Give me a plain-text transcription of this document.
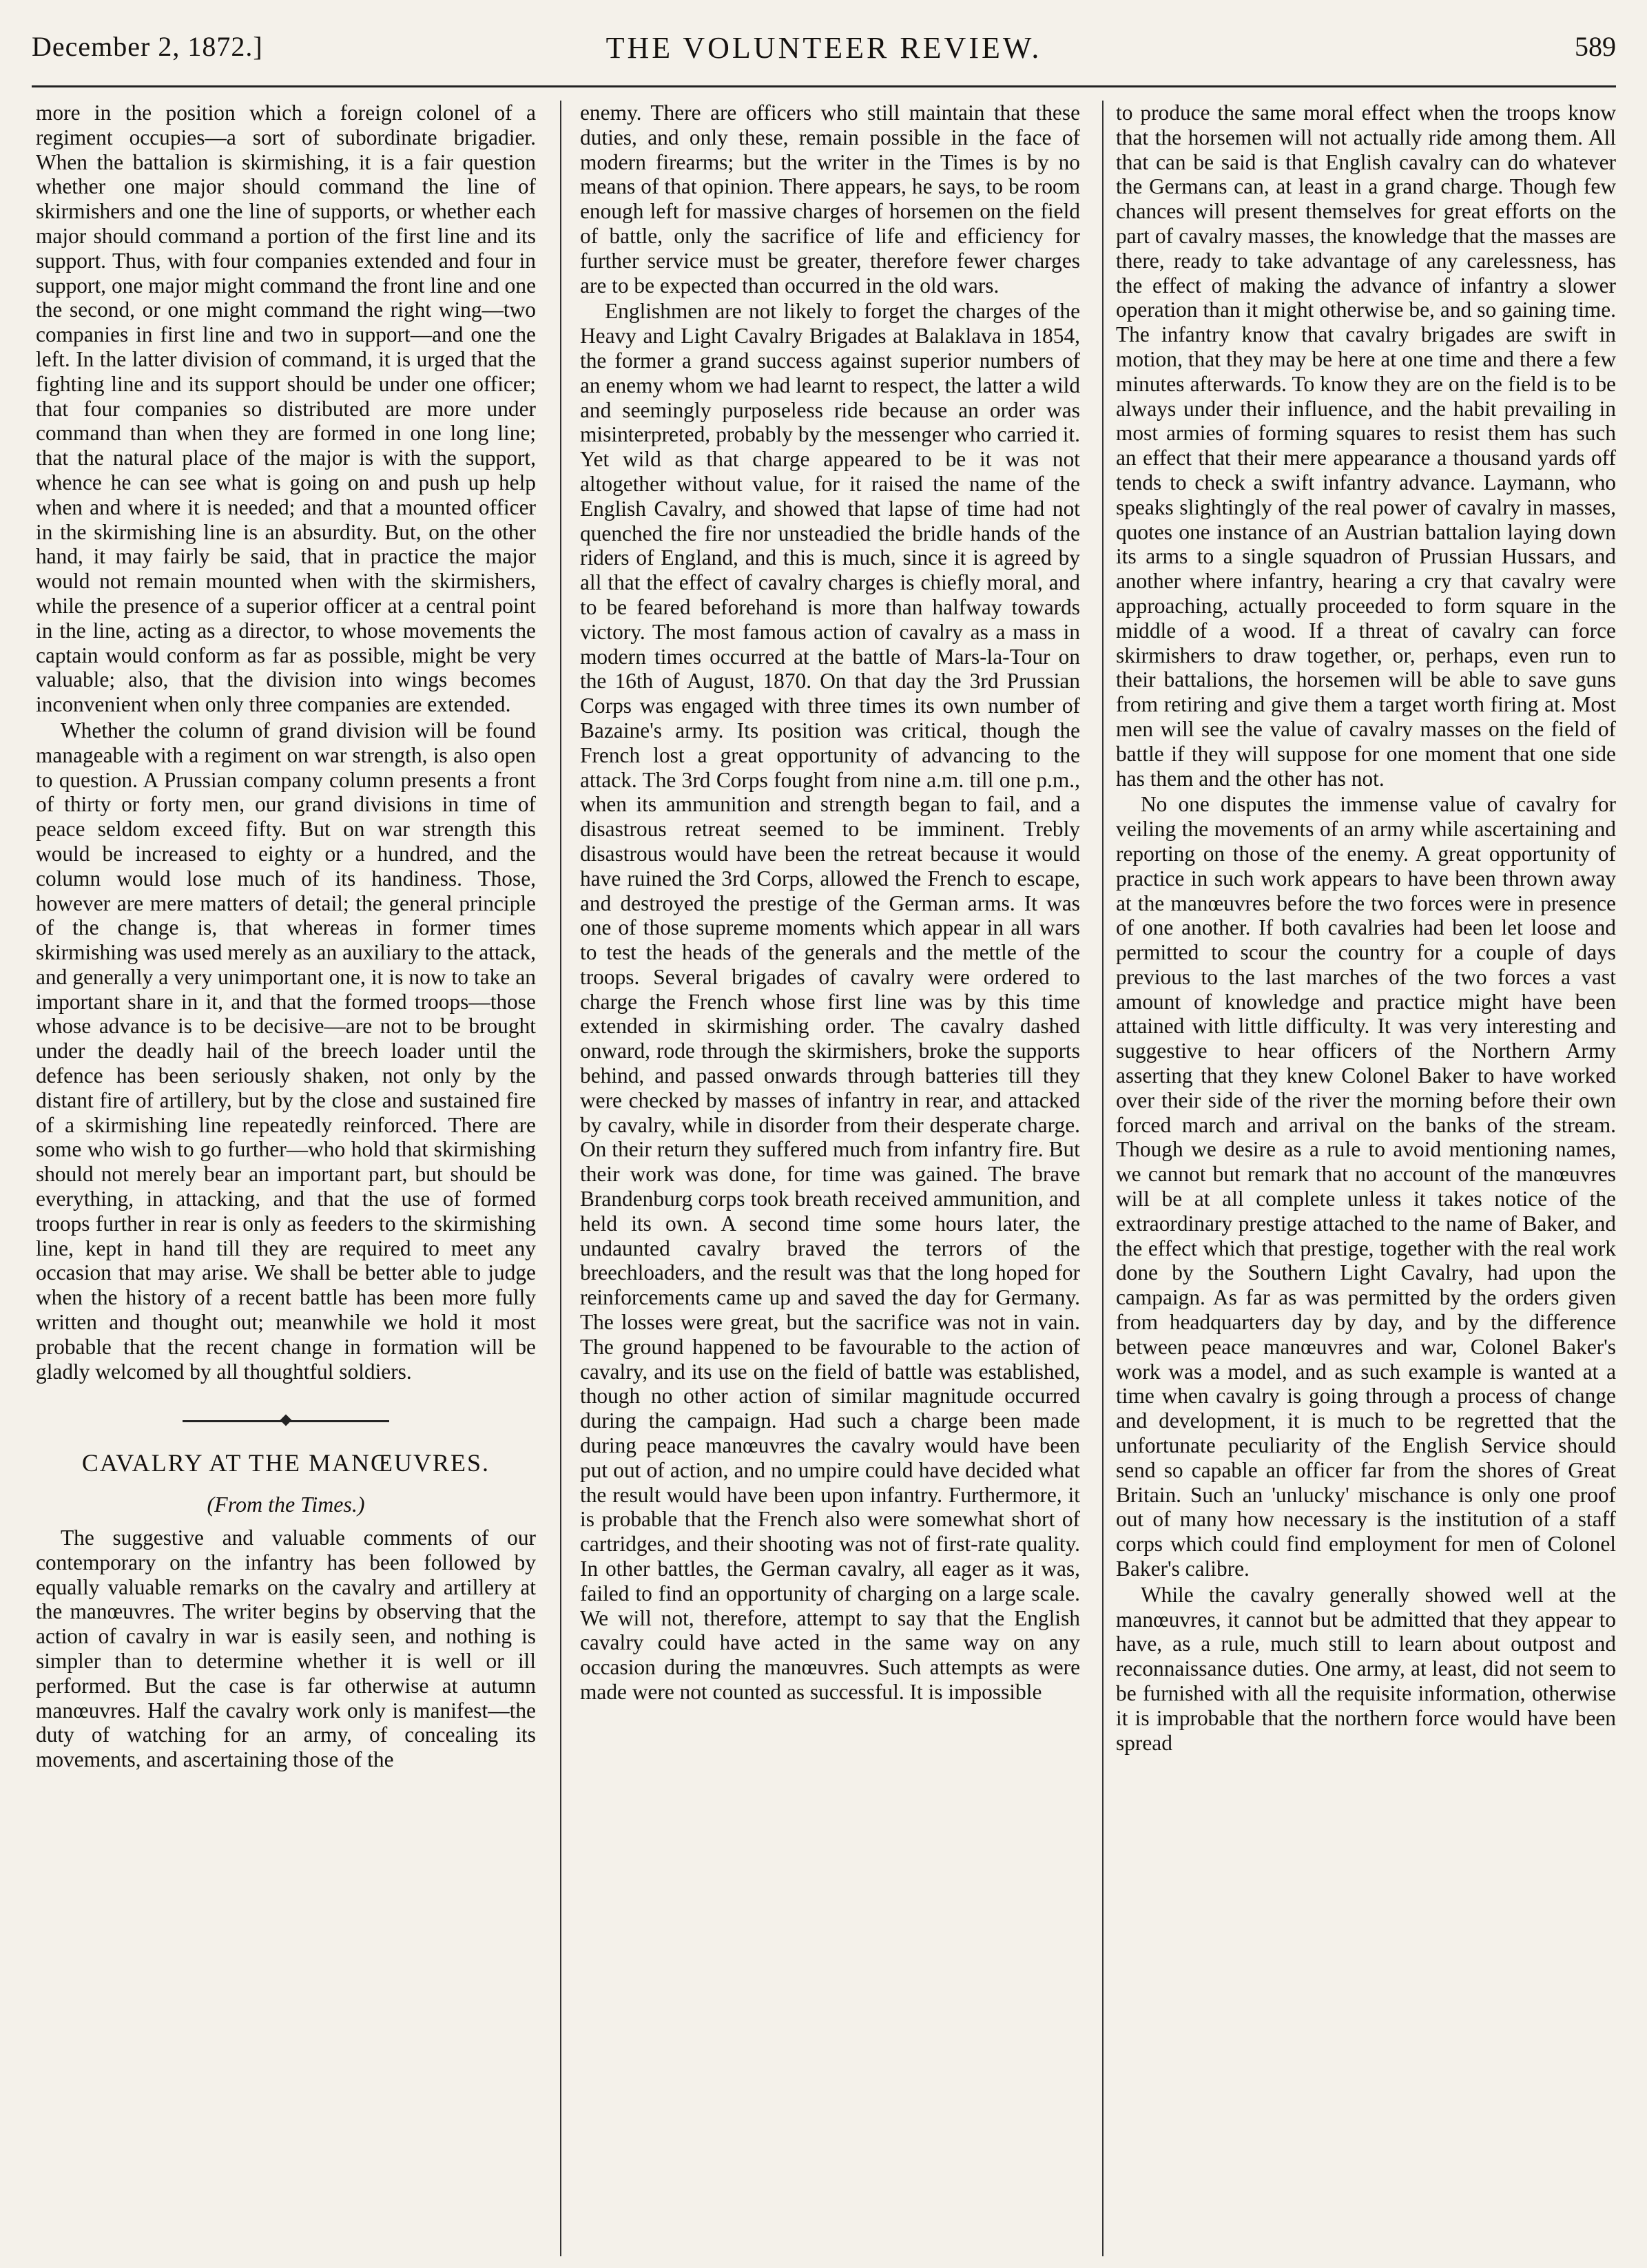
December 2, 1872.]	THE VOLUNTEER REVIEW.	589

more in the position which a foreign colonel of a regiment occupies—a sort of subordinate brigadier. When the battalion is skirmishing, it is a fair question whether one major should command the line of skirmishers and one the line of supports, or whether each major should command a portion of the first line and its support. Thus, with four companies extended and four in support, one major might command the front line and one the second, or one might command the right wing—two companies in first line and two in support—and one the left. In the latter division of command, it is urged that the fighting line and its support should be under one officer; that four companies so distributed are more under command than when they are formed in one long line; that the natural place of the major is with the support, whence he can see what is going on and push up help when and where it is needed; and that a mounted officer in the skirmishing line is an absurdity. But, on the other hand, it may fairly be said, that in practice the major would not remain mounted when with the skirmishers, while the presence of a superior officer at a central point in the line, acting as a director, to whose movements the captain would conform as far as possible, might be very valuable; also, that the division into wings becomes inconvenient when only three companies are extended.

Whether the column of grand division will be found manageable with a regiment on war strength, is also open to question. A Prussian company column presents a front of thirty or forty men, our grand divisions in time of peace seldom exceed fifty. But on war strength this would be increased to eighty or a hundred, and the column would lose much of its handiness. Those, however are mere matters of detail; the general principle of the change is, that whereas in former times skirmishing was used merely as an auxiliary to the attack, and generally a very unimportant one, it is now to take an important share in it, and that the formed troops—those whose advance is to be decisive—are not to be brought under the deadly hail of the breech loader until the defence has been seriously shaken, not only by the distant fire of artillery, but by the close and sustained fire of a skirmishing line repeatedly reinforced. There are some who wish to go further—who hold that skirmishing should not merely bear an important part, but should be everything, in attacking, and that the use of formed troops further in rear is only as feeders to the skirmishing line, kept in hand till they are required to meet any occasion that may arise. We shall be better able to judge when the history of a recent battle has been more fully written and thought out; meanwhile we hold it most probable that the recent change in formation will be gladly welcomed by all thoughtful soldiers.

CAVALRY AT THE MANŒUVRES.
(From the Times.)

The suggestive and valuable comments of our contemporary on the infantry has been followed by equally valuable remarks on the cavalry and artillery at the manœuvres. The writer begins by observing that the action of cavalry in war is easily seen, and nothing is simpler than to determine whether it is well or ill performed. But the case is far otherwise at autumn manœuvres. Half the cavalry work only is manifest—the duty of watching for an army, of concealing its movements, and ascertaining those of the

enemy. There are officers who still maintain that these duties, and only these, remain possible in the face of modern firearms; but the writer in the Times is by no means of that opinion. There appears, he says, to be room enough left for massive charges of horsemen on the field of battle, only the sacrifice of life and efficiency for further service must be greater, therefore fewer charges are to be expected than occurred in the old wars.

Englishmen are not likely to forget the charges of the Heavy and Light Cavalry Brigades at Balaklava in 1854, the former a grand success against superior numbers of an enemy whom we had learnt to respect, the latter a wild and seemingly purposeless ride because an order was misinterpreted, probably by the messenger who carried it. Yet wild as that charge appeared to be it was not altogether without value, for it raised the name of the English Cavalry, and showed that lapse of time had not quenched the fire nor unsteadied the bridle hands of the riders of England, and this is much, since it is agreed by all that the effect of cavalry charges is chiefly moral, and to be feared beforehand is more than halfway towards victory. The most famous action of cavalry as a mass in modern times occurred at the battle of Mars-la-Tour on the 16th of August, 1870. On that day the 3rd Prussian Corps was engaged with three times its own number of Bazaine's army. Its position was critical, though the French lost a great opportunity of advancing to the attack. The 3rd Corps fought from nine a.m. till one p.m., when its ammunition and strength began to fail, and a disastrous retreat seemed to be imminent. Trebly disastrous would have been the retreat because it would have ruined the 3rd Corps, allowed the French to escape, and destroyed the prestige of the German arms. It was one of those supreme moments which appear in all wars to test the heads of the generals and the mettle of the troops. Several brigades of cavalry were ordered to charge the French whose first line was by this time extended in skirmishing order. The cavalry dashed onward, rode through the skirmishers, broke the supports behind, and passed onwards through batteries till they were checked by masses of infantry in rear, and attacked by cavalry, while in disorder from their desperate charge. On their return they suffered much from infantry fire. But their work was done, for time was gained. The brave Brandenburg corps took breath received ammunition, and held its own. A second time some hours later, the undaunted cavalry braved the terrors of the breechloaders, and the result was that the long hoped for reinforcements came up and saved the day for Germany. The losses were great, but the sacrifice was not in vain. The ground happened to be favourable to the action of cavalry, and its use on the field of battle was established, though no other action of similar magnitude occurred during the campaign. Had such a charge been made during peace manœuvres the cavalry would have been put out of action, and no umpire could have decided what the result would have been upon infantry. Furthermore, it is probable that the French also were somewhat short of cartridges, and their shooting was not of first-rate quality. In other battles, the German cavalry, all eager as it was, failed to find an opportunity of charging on a large scale. We will not, therefore, attempt to say that the English cavalry could have acted in the same way on any occasion during the manœuvres. Such attempts as were made were not counted as successful. It is impossible

to produce the same moral effect when the troops know that the horsemen will not actually ride among them. All that can be said is that English cavalry can do whatever the Germans can, at least in a grand charge. Though few chances will present themselves for great efforts on the part of cavalry masses, the knowledge that the masses are there, ready to take advantage of any carelessness, has the effect of making the advance of infantry a slower operation than it might otherwise be, and so gaining time. The infantry know that cavalry brigades are swift in motion, that they may be here at one time and there a few minutes afterwards. To know they are on the field is to be always under their influence, and the habit prevailing in most armies of forming squares to resist them has such an effect that their mere appearance a thousand yards off tends to check a swift infantry advance. Laymann, who speaks slightingly of the real power of cavalry in masses, quotes one instance of an Austrian battalion laying down its arms to a single squadron of Prussian Hussars, and another where infantry, hearing a cry that cavalry were approaching, actually proceeded to form square in the middle of a wood. If a threat of cavalry can force skirmishers to draw together, or, perhaps, even run to their battalions, the horsemen will be able to save guns from retiring and give them a target worth firing at. Most men will see the value of cavalry masses on the field of battle if they will suppose for one moment that one side has them and the other has not.

No one disputes the immense value of cavalry for veiling the movements of an army while ascertaining and reporting on those of the enemy. A great opportunity of practice in such work appears to have been thrown away at the manœuvres before the two forces were in presence of one another. If both cavalries had been let loose and permitted to scour the country for a couple of days previous to the last marches of the two forces a vast amount of knowledge and practice might have been attained with little difficulty. It was very interesting and suggestive to hear officers of the Northern Army asserting that they knew Colonel Baker to have worked over their side of the river the morning before their own forced march and arrival on the banks of the stream. Though we desire as a rule to avoid mentioning names, we cannot but remark that no account of the manœuvres will be at all complete unless it takes notice of the extraordinary prestige attached to the name of Baker, and the effect which that prestige, together with the real work done by the Southern Light Cavalry, had upon the campaign. As far as was permitted by the orders given from headquarters day by day, and by the difference between peace manœuvres and war, Colonel Baker's work was a model, and as such example is wanted at a time when cavalry is going through a process of change and development, it is much to be regretted that the unfortunate peculiarity of the English Service should send so capable an officer far from the shores of Great Britain. Such an 'unlucky' mischance is only one proof out of many how necessary is the institution of a staff corps which could find employment for men of Colonel Baker's calibre.

While the cavalry generally showed well at the manœuvres, it cannot but be admitted that they appear to have, as a rule, much still to learn about outpost and reconnaissance duties. One army, at least, did not seem to be furnished with all the requisite information, otherwise it is improbable that the northern force would have been spread
